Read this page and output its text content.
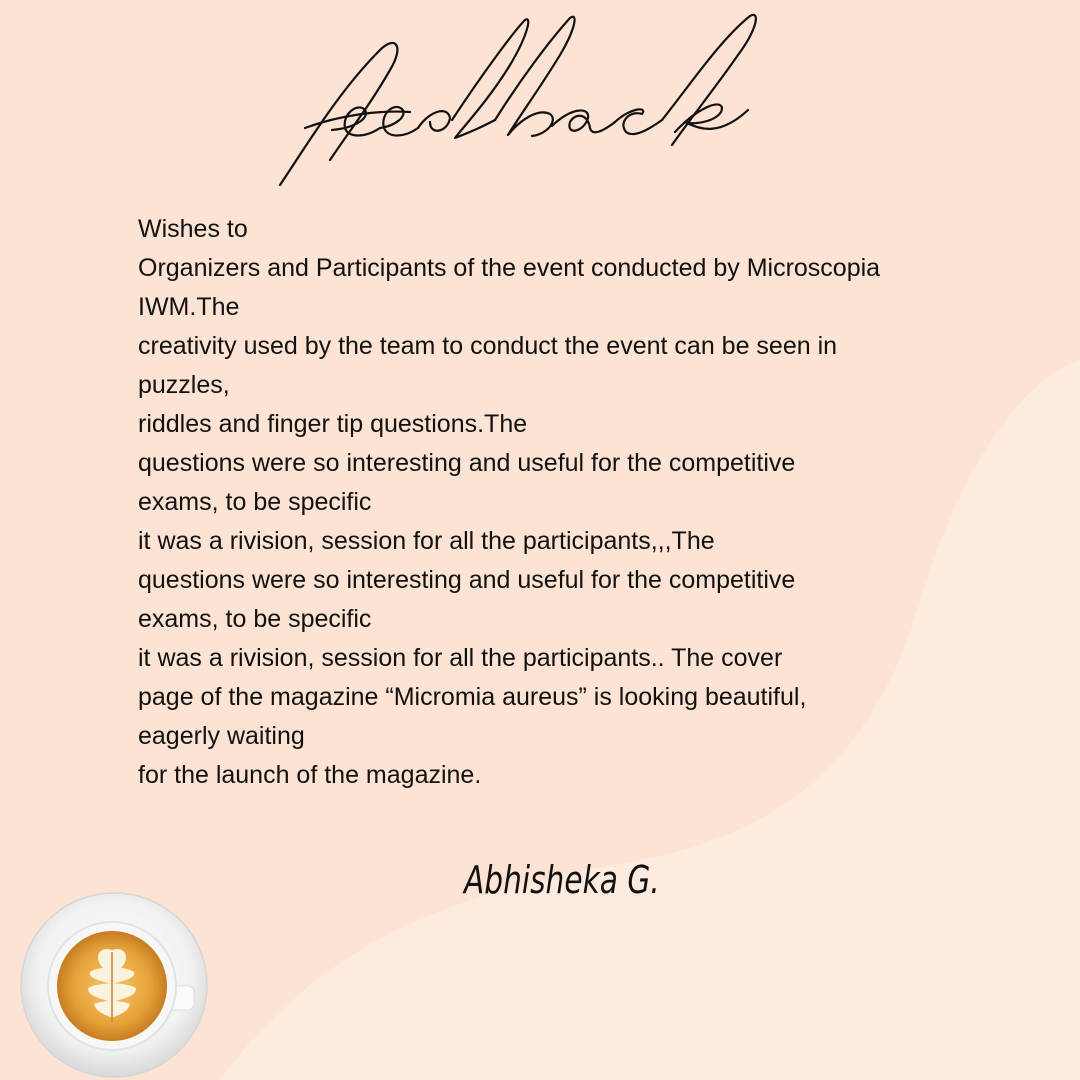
Wishes to
Organizers and Participants of the event conducted by Microscopia
IWM.The
creativity used by the team to conduct the event can be seen in
puzzles,
riddles and finger tip questions.The
questions were so interesting and useful for the competitive
exams, to be specific
it was a rivision, session for all the participants,,,The
questions were so interesting and useful for the competitive
exams, to be specific
it was a rivision, session for all the participants.. The cover
page of the magazine “Micromia aureus” is looking beautiful,
eagerly waiting
for the launch of the magazine.
Abhisheka G.
